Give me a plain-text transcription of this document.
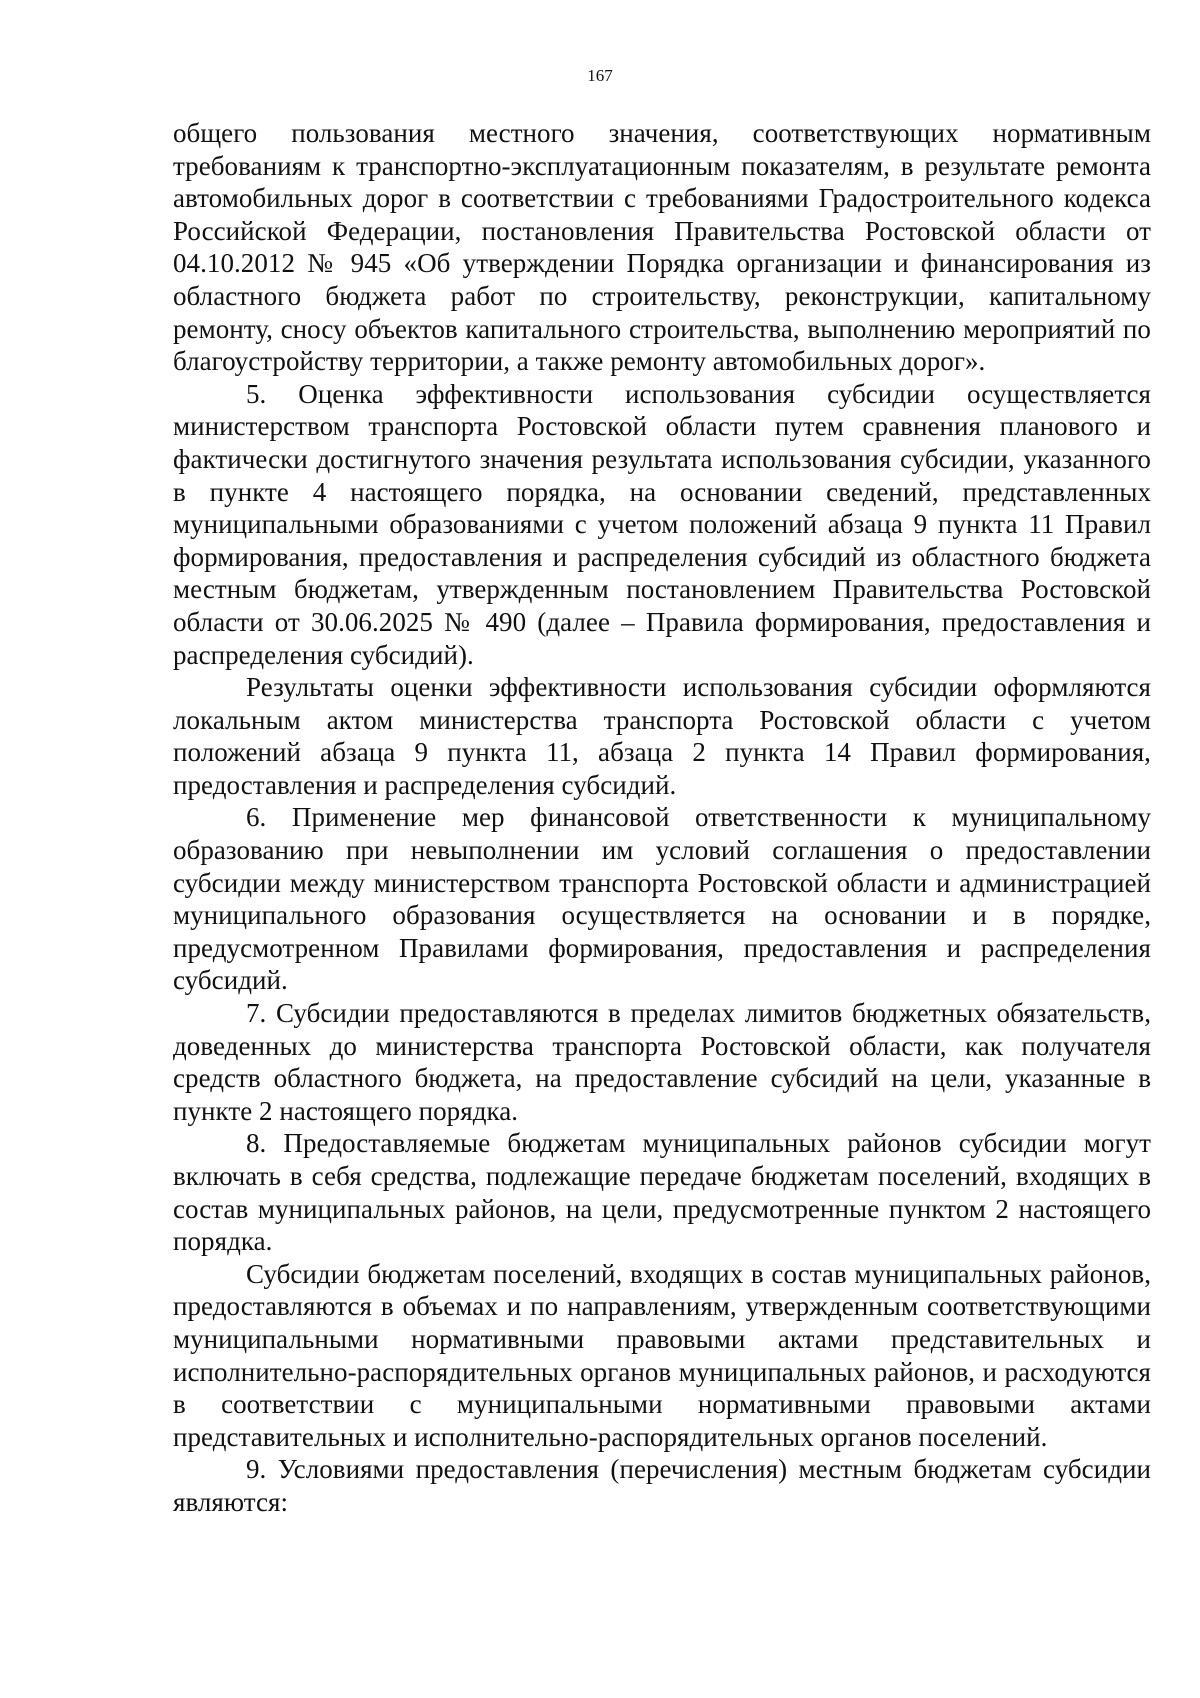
167

общего пользования местного значения, соответствующих нормативным требованиям к транспортно-эксплуатационным показателям, в результате ремонта автомобильных дорог в соответствии с требованиями Градостроительного кодекса Российской Федерации, постановления Правительства Ростовской области от 04.10.2012 № 945 «Об утверждении Порядка организации и финансирования из областного бюджета работ по строительству, реконструкции, капитальному ремонту, сносу объектов капитального строительства, выполнению мероприятий по благоустройству территории, а также ремонту автомобильных дорог».

5. Оценка эффективности использования субсидии осуществляется министерством транспорта Ростовской области путем сравнения планового и фактически достигнутого значения результата использования субсидии, указанного в пункте 4 настоящего порядка, на основании сведений, представленных муниципальными образованиями с учетом положений абзаца 9 пункта 11 Правил формирования, предоставления и распределения субсидий из областного бюджета местным бюджетам, утвержденным постановлением Правительства Ростовской области от 30.06.2025 № 490 (далее – Правила формирования, предоставления и распределения субсидий).

Результаты оценки эффективности использования субсидии оформляются локальным актом министерства транспорта Ростовской области с учетом положений абзаца 9 пункта 11, абзаца 2 пункта 14 Правил формирования, предоставления и распределения субсидий.

6. Применение мер финансовой ответственности к муниципальному образованию при невыполнении им условий соглашения о предоставлении субсидии между министерством транспорта Ростовской области и администрацией муниципального образования осуществляется на основании и в порядке, предусмотренном Правилами формирования, предоставления и распределения субсидий.

7. Субсидии предоставляются в пределах лимитов бюджетных обязательств, доведенных до министерства транспорта Ростовской области, как получателя средств областного бюджета, на предоставление субсидий на цели, указанные в пункте 2 настоящего порядка.

8. Предоставляемые бюджетам муниципальных районов субсидии могут включать в себя средства, подлежащие передаче бюджетам поселений, входящих в состав муниципальных районов, на цели, предусмотренные пунктом 2 настоящего порядка.

Субсидии бюджетам поселений, входящих в состав муниципальных районов, предоставляются в объемах и по направлениям, утвержденным соответствующими муниципальными нормативными правовыми актами представительных и исполнительно-распорядительных органов муниципальных районов, и расходуются в соответствии с муниципальными нормативными правовыми актами представительных и исполнительно-распорядительных органов поселений.

9. Условиями предоставления (перечисления) местным бюджетам субсидии являются:
